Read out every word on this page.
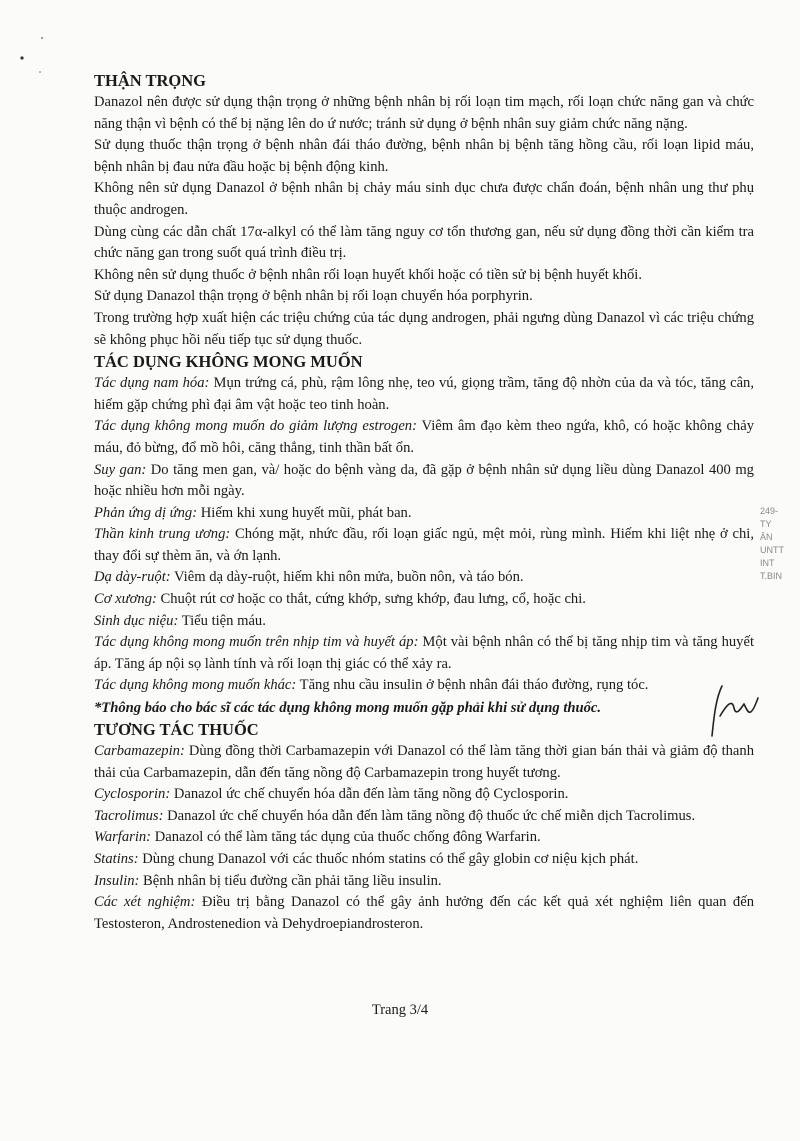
THẬN TRỌNG

Danazol nên được sử dụng thận trọng ở những bệnh nhân bị rối loạn tim mạch, rối loạn chức năng gan và chức năng thận vì bệnh có thể bị nặng lên do ứ nước; tránh sử dụng ở bệnh nhân suy giảm chức năng nặng.

Sử dụng thuốc thận trọng ở bệnh nhân đái tháo đường, bệnh nhân bị bệnh tăng hồng cầu, rối loạn lipid máu, bệnh nhân bị đau nửa đầu hoặc bị bệnh động kinh.

Không nên sử dụng Danazol ở bệnh nhân bị chảy máu sinh dục chưa được chẩn đoán, bệnh nhân ung thư phụ thuộc androgen.

Dùng cùng các dẫn chất 17α-alkyl có thể làm tăng nguy cơ tổn thương gan, nếu sử dụng đồng thời cần kiểm tra chức năng gan trong suốt quá trình điều trị.

Không nên sử dụng thuốc ở bệnh nhân rối loạn huyết khối hoặc có tiền sử bị bệnh huyết khối.

Sử dụng Danazol thận trọng ở bệnh nhân bị rối loạn chuyển hóa porphyrin.

Trong trường hợp xuất hiện các triệu chứng của tác dụng androgen, phải ngưng dùng Danazol vì các triệu chứng sẽ không phục hồi nếu tiếp tục sử dụng thuốc.

TÁC DỤNG KHÔNG MONG MUỐN

Tác dụng nam hóa: Mụn trứng cá, phù, rậm lông nhẹ, teo vú, giọng trầm, tăng độ nhờn của da và tóc, tăng cân, hiếm gặp chứng phì đại âm vật hoặc teo tinh hoàn.

Tác dụng không mong muốn do giảm lượng estrogen: Viêm âm đạo kèm theo ngứa, khô, có hoặc không chảy máu, đỏ bừng, đổ mồ hôi, căng thẳng, tinh thần bất ổn.

Suy gan: Do tăng men gan, và/ hoặc do bệnh vàng da, đã gặp ở bệnh nhân sử dụng liều dùng Danazol 400 mg hoặc nhiều hơn mỗi ngày.

Phản ứng dị ứng: Hiếm khi xung huyết mũi, phát ban.

Thần kinh trung ương: Chóng mặt, nhức đầu, rối loạn giấc ngủ, mệt mỏi, rùng mình. Hiếm khi liệt nhẹ ở chi, thay đổi sự thèm ăn, và ớn lạnh.

Dạ dày-ruột: Viêm dạ dày-ruột, hiếm khi nôn mửa, buồn nôn, và táo bón.

Cơ xương: Chuột rút cơ hoặc co thắt, cứng khớp, sưng khớp, đau lưng, cổ, hoặc chi.

Sinh dục niệu: Tiểu tiện máu.

Tác dụng không mong muốn trên nhịp tim và huyết áp: Một vài bệnh nhân có thể bị tăng nhịp tim và tăng huyết áp. Tăng áp nội sọ lành tính và rối loạn thị giác có thể xảy ra.

Tác dụng không mong muốn khác: Tăng nhu cầu insulin ở bệnh nhân đái tháo đường, rụng tóc.

*Thông báo cho bác sĩ các tác dụng không mong muốn gặp phải khi sử dụng thuốc.

TƯƠNG TÁC THUỐC

Carbamazepin: Dùng đồng thời Carbamazepin với Danazol có thể làm tăng thời gian bán thải và giảm độ thanh thải của Carbamazepin, dẫn đến tăng nồng độ Carbamazepin trong huyết tương.

Cyclosporin: Danazol ức chế chuyển hóa dẫn đến làm tăng nồng độ Cyclosporin.

Tacrolimus: Danazol ức chế chuyển hóa dẫn đến làm tăng nồng độ thuốc ức chế miễn dịch Tacrolimus.

Warfarin: Danazol có thể làm tăng tác dụng của thuốc chống đông Warfarin.

Statins: Dùng chung Danazol với các thuốc nhóm statins có thể gây globin cơ niệu kịch phát.

Insulin: Bệnh nhân bị tiểu đường cần phải tăng liều insulin.

Các xét nghiệm: Điều trị bằng Danazol có thể gây ảnh hưởng đến các kết quả xét nghiệm liên quan đến Testosteron, Androstenedion và Dehydroepiandrosteron.

249-
TY
ÂN
UNTT
INT
T.BIN
Trang 3/4
